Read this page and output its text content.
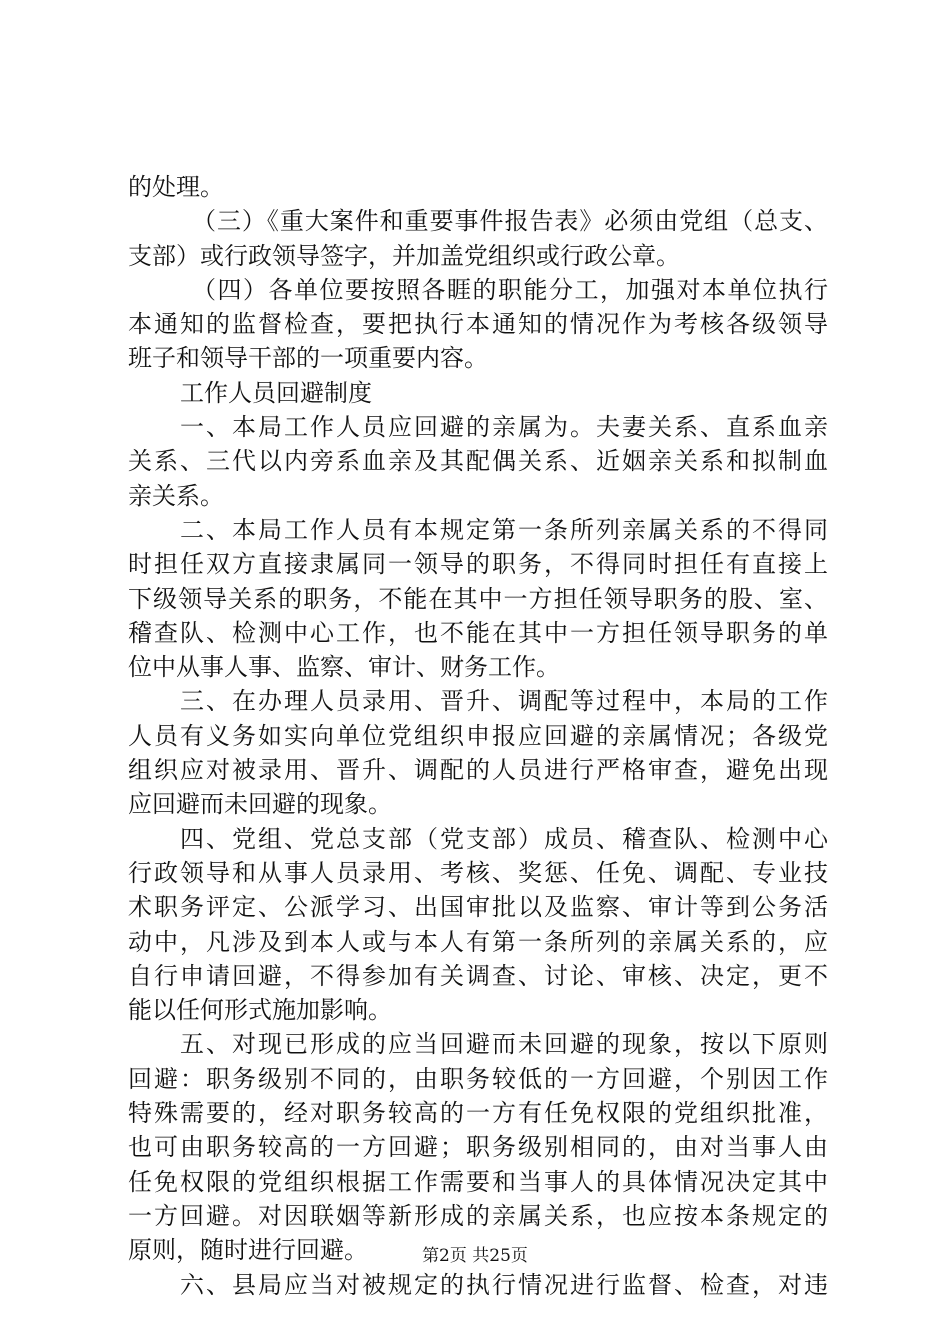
的处理。
（三）《重大案件和重要事件报告表》必须由党组（总支、
支部）或行政领导签字，并加盖党组织或行政公章。
（四）各单位要按照各睚的职能分工，加强对本单位执行
本通知的监督检查，要把执行本通知的情况作为考核各级领导
班子和领导干部的一项重要内容。
工作人员回避制度
一、本局工作人员应回避的亲属为。夫妻关系、直系血亲
关系、三代以内旁系血亲及其配偶关系、近姻亲关系和拟制血
亲关系。
二、本局工作人员有本规定第一条所列亲属关系的不得同
时担任双方直接隶属同一领导的职务，不得同时担任有直接上
下级领导关系的职务，不能在其中一方担任领导职务的股、室、
稽查队、检测中心工作，也不能在其中一方担任领导职务的单
位中从事人事、监察、审计、财务工作。
三、在办理人员录用、晋升、调配等过程中，本局的工作
人员有义务如实向单位党组织申报应回避的亲属情况；各级党
组织应对被录用、晋升、调配的人员进行严格审查，避免出现
应回避而未回避的现象。
四、党组、党总支部（党支部）成员、稽查队、检测中心
行政领导和从事人员录用、考核、奖惩、任免、调配、专业技
术职务评定、公派学习、出国审批以及监察、审计等到公务活
动中，凡涉及到本人或与本人有第一条所列的亲属关系的，应
自行申请回避，不得参加有关调查、讨论、审核、决定，更不
能以任何形式施加影响。
五、对现已形成的应当回避而未回避的现象，按以下原则
回避：职务级别不同的，由职务较低的一方回避，个别因工作
特殊需要的，经对职务较高的一方有任免权限的党组织批准，
也可由职务较高的一方回避；职务级别相同的，由对当事人由
任免权限的党组织根据工作需要和当事人的具体情况决定其中
一方回避。对因联姻等新形成的亲属关系，也应按本条规定的
原则，随时进行回避。
六、县局应当对被规定的执行情况进行监督、检查，对违
第2页 共25页
